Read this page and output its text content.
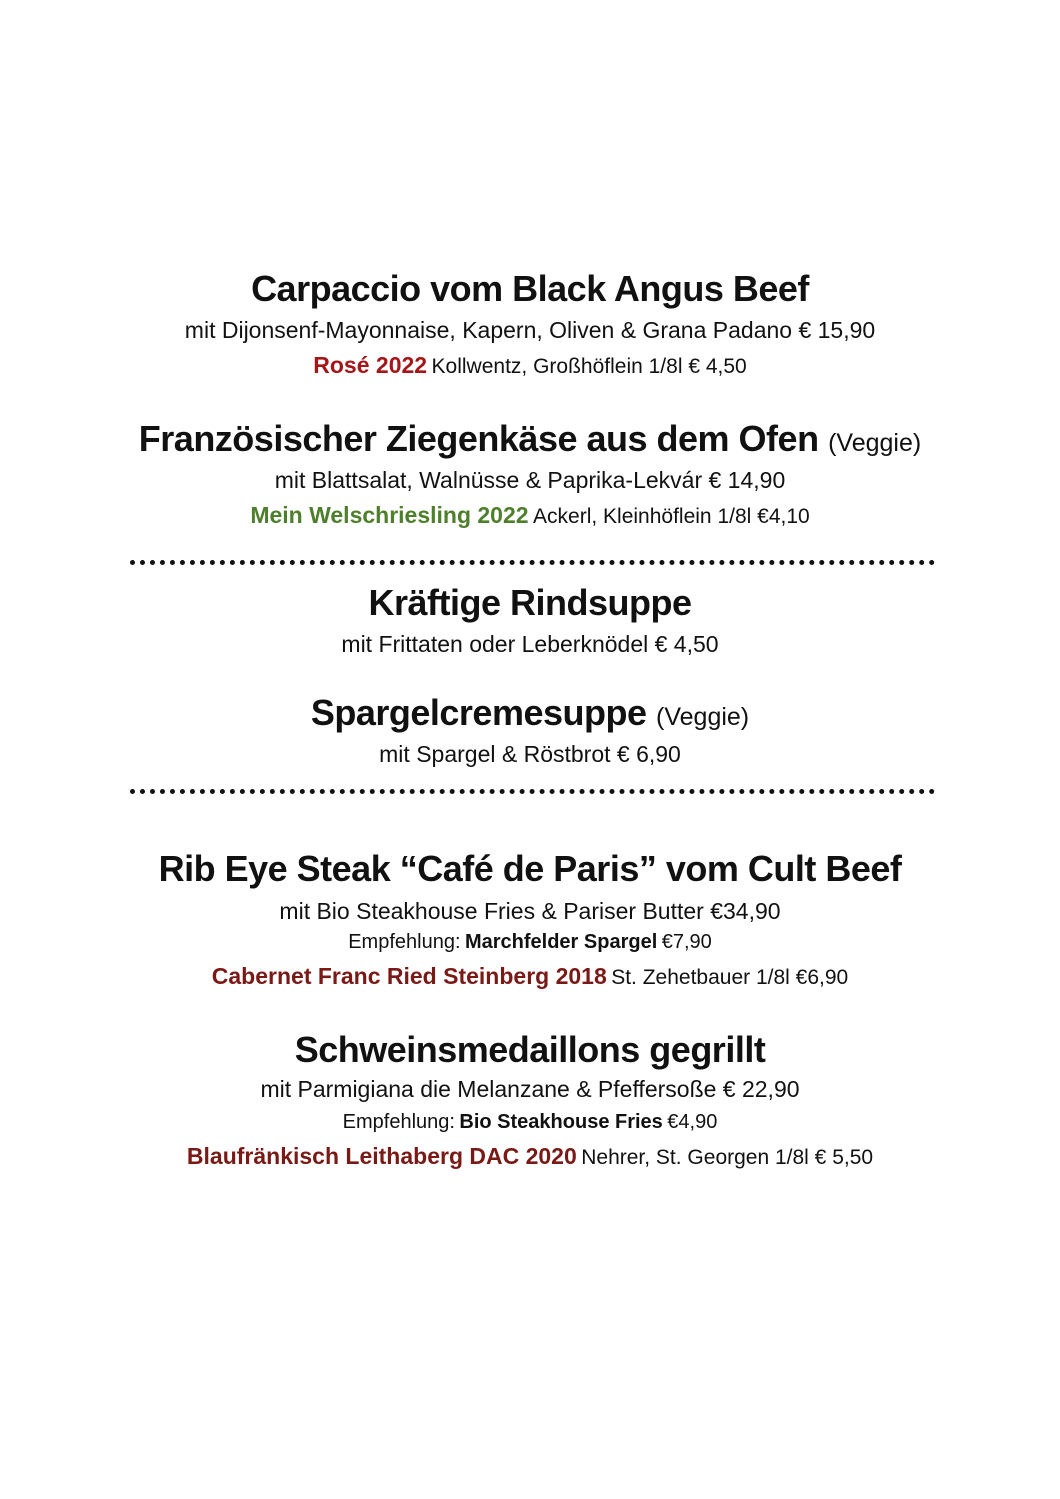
Carpaccio vom Black Angus Beef
mit Dijonsenf-Mayonnaise, Kapern, Oliven & Grana Padano € 15,90
Rosé 2022 Kollwentz, Großhöflein 1/8l € 4,50
Französischer Ziegenkäse aus dem Ofen (Veggie)
mit Blattsalat, Walnüsse & Paprika-Lekvár € 14,90
Mein Welschriesling 2022 Ackerl, Kleinhöflein 1/8l €4,10
Kräftige Rindsuppe
mit Frittaten oder Leberknödel € 4,50
Spargelcremesuppe (Veggie)
mit Spargel & Röstbrot € 6,90
Rib Eye Steak “Café de Paris” vom Cult Beef
mit Bio Steakhouse Fries & Pariser Butter €34,90
Empfehlung: Marchfelder Spargel €7,90
Cabernet Franc Ried Steinberg 2018 St. Zehetbauer 1/8l €6,90
Schweinsmedaillons gegrillt
mit Parmigiana die Melanzane & Pfeffersoße € 22,90
Empfehlung: Bio Steakhouse Fries €4,90
Blaufränkisch Leithaberg DAC 2020 Nehrer, St. Georgen 1/8l € 5,50
